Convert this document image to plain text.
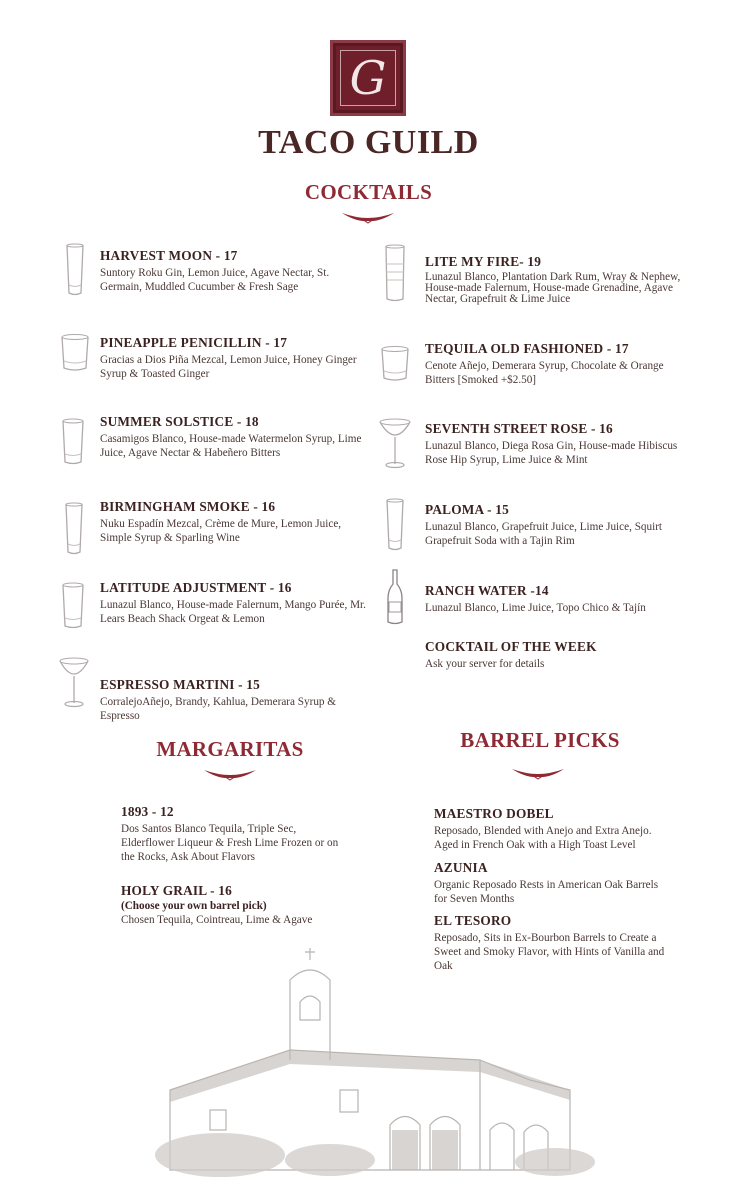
G
TACO GUILD
COCKTAILS

HARVEST MOON - 17

Suntory Roku Gin, Lemon Juice, Agave Nectar, St. Germain, Muddled Cucumber & Fresh Sage

PINEAPPLE PENICILLIN - 17

Gracias a Dios Piña Mezcal, Lemon Juice, Honey Ginger Syrup & Toasted Ginger

SUMMER SOLSTICE - 18

Casamigos Blanco, House-made Watermelon Syrup, Lime Juice, Agave Nectar & Habeñero Bitters

BIRMINGHAM SMOKE - 16

Nuku Espadín Mezcal, Crème de Mure, Lemon Juice, Simple Syrup & Sparling Wine

LATITUDE ADJUSTMENT - 16

Lunazul Blanco, House-made Falernum, Mango Purée, Mr. Lears Beach Shack Orgeat & Lemon

ESPRESSO MARTINI - 15

CorralejoAñejo, Brandy, Kahlua, Demerara Syrup & Espresso

LITE MY FIRE- 19

Lunazul Blanco, Plantation Dark Rum, Wray & Nephew, House-made Falernum, House-made Grenadine, Agave Nectar, Grapefruit & Lime Juice

TEQUILA OLD FASHIONED - 17

Cenote Añejo, Demerara Syrup, Chocolate & Orange Bitters [Smoked +$2.50]

SEVENTH STREET ROSE - 16

Lunazul Blanco, Diega Rosa Gin, House-made Hibiscus Rose Hip Syrup, Lime Juice & Mint

PALOMA - 15

Lunazul Blanco, Grapefruit Juice, Lime Juice, Squirt Grapefruit Soda with a Tajin Rim

RANCH WATER -14

Lunazul Blanco, Lime Juice, Topo Chico & Tajín

COCKTAIL OF THE WEEK

Ask your server for details

MARGARITAS

1893 - 12

Dos Santos Blanco Tequila, Triple Sec, Elderflower Liqueur & Fresh Lime Frozen or on the Rocks, Ask About Flavors

HOLY GRAIL - 16

(Choose your own barrel pick)

Chosen Tequila, Cointreau, Lime & Agave

BARREL PICKS

MAESTRO DOBEL

Reposado, Blended with Anejo and Extra Anejo. Aged in French Oak with a High Toast Level

AZUNIA

Organic Reposado Rests in American Oak Barrels for Seven Months

EL TESORO

Reposado, Sits in Ex-Bourbon Barrels to Create a Sweet and Smoky Flavor, with Hints of Vanilla and Oak
